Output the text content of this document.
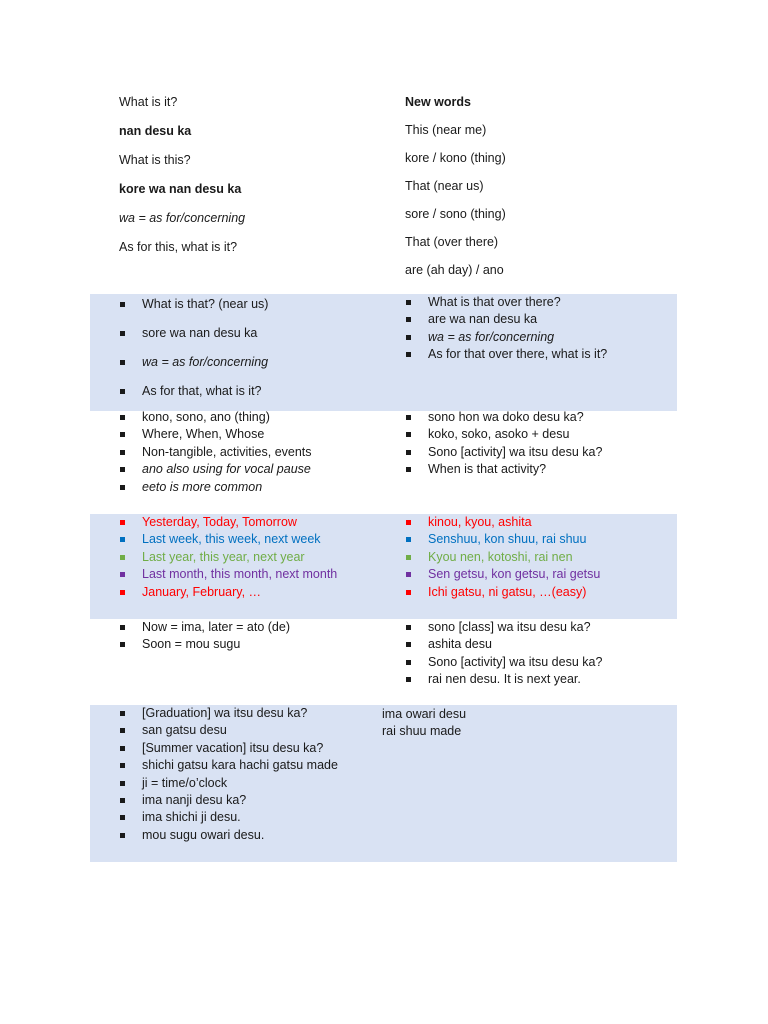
What is it?

nan desu ka

What is this?

kore wa nan desu ka

wa = as for/concerning

As for this, what is it?

New words

This (near me)

kore / kono (thing)

That (near us)

sore / sono (thing)

That (over there)

are (ah day) / ano

What is that? (near us)
sore wa nan desu ka
wa = as for/concerning
As for that, what is it?
What is that over there?
are wa nan desu ka
wa = as for/concerning
As for that over there, what is it?
kono, sono, ano (thing)
Where, When, Whose
Non-tangible, activities, events
ano also using for vocal pause
eeto is more common
sono hon wa doko desu ka?
koko, soko, asoko + desu
Sono [activity] wa itsu desu ka?
When is that activity?
Yesterday, Today, Tomorrow
Last week, this week, next week
Last year, this year, next year
Last month, this month, next month
January, February, …
kinou, kyou, ashita
Senshuu, kon shuu, rai shuu
Kyou nen, kotoshi, rai nen
Sen getsu, kon getsu, rai getsu
Ichi gatsu, ni gatsu, …(easy)
Now = ima, later = ato (de)
Soon = mou sugu
sono [class] wa itsu desu ka?
ashita desu
Sono [activity] wa itsu desu ka?
rai nen desu. It is next year.
[Graduation] wa itsu desu ka?
san gatsu desu
[Summer vacation] itsu desu ka?
shichi gatsu kara hachi gatsu made
ji = time/o’clock
ima nanji desu ka?
ima shichi ji desu.
mou sugu owari desu.
ima owari desu
rai shuu made
